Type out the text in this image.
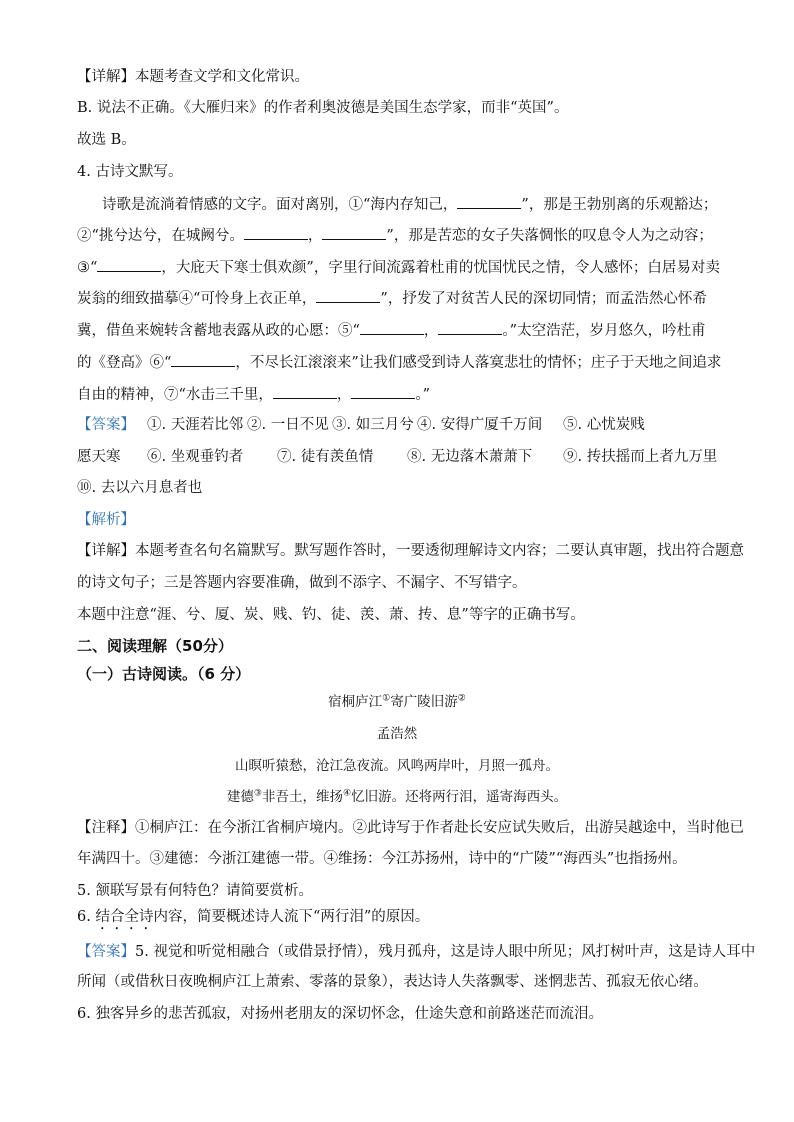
【详解】本题考查文学和文化常识。
B. 说法不正确。《大雁归来》的作者利奥波德是美国生态学家，而非“英国”。
故选 B。
4. 古诗文默写。
诗歌是流淌着情感的文字。面对离别，①“海内存知己，	”，那是王勃别离的乐观豁达；
②“挑兮达兮，在城阙兮。	，	”，那是苦恋的女子失落惆怅的叹息令人为之动容；
③“	，大庇天下寒士俱欢颜”，字里行间流露着杜甫的忧国忧民之情，令人感怀；白居易对卖
炭翁的细致描摹④“可怜身上衣正单，	”，抒发了对贫苦人民的深切同情；而孟浩然心怀希
冀，借鱼来婉转含蓄地表露从政的心愿：⑤“	，	。”太空浩茫，岁月悠久，吟杜甫
的《登高》⑥“	，不尽长江滚滚来”让我们感受到诗人落寞悲壮的情怀；庄子于天地之间追求
自由的精神，⑦“水击三千里，	，	。”
【答案】 ①. 天涯若比邻 ②. 一日不见 ③. 如三月兮 ④. 安得广厦千万间 ⑤. 心忧炭贱
愿天寒 ⑥. 坐观垂钓者 ⑦. 徒有羡鱼情 ⑧. 无边落木萧萧下 ⑨. 抟扶摇而上者九万里
⑩. 去以六月息者也
【解析】
【详解】本题考查名句名篇默写。默写题作答时，一要透彻理解诗文内容；二要认真审题，找出符合题意
的诗文句子；三是答题内容要准确，做到不添字、不漏字、不写错字。
本题中注意“涯、兮、厦、炭、贱、钓、徒、羡、萧、抟、息”等字的正确书写。
二、阅读理解（50分）
（一）古诗阅读。（6 分）
宿桐庐江①寄广陵旧游②
孟浩然
山暝听猿愁，沧江急夜流。风鸣两岸叶，月照一孤舟。
建德③非吾土，维扬④忆旧游。还将两行泪，遥寄海西头。
【注释】①桐庐江：在今浙江省桐庐境内。②此诗写于作者赴长安应试失败后，出游吴越途中，当时他已
年满四十。③建德：今浙江建德一带。④维扬：今江苏扬州，诗中的“广陵”“海西头”也指扬州。
5. 颔联写景有何特色？请简要赏析。
6. 结合全诗内容，简要概述诗人流下“两行泪”的原因。
【答案】5. 视觉和听觉相融合（或借景抒情），残月孤舟，这是诗人眼中所见；风打树叶声，这是诗人耳中
所闻（或借秋日夜晚桐庐江上萧索、零落的景象），表达诗人失落飘零、迷惘悲苦、孤寂无依心绪。
6. 独客异乡的悲苦孤寂，对扬州老朋友的深切怀念，仕途失意和前路迷茫而流泪。
